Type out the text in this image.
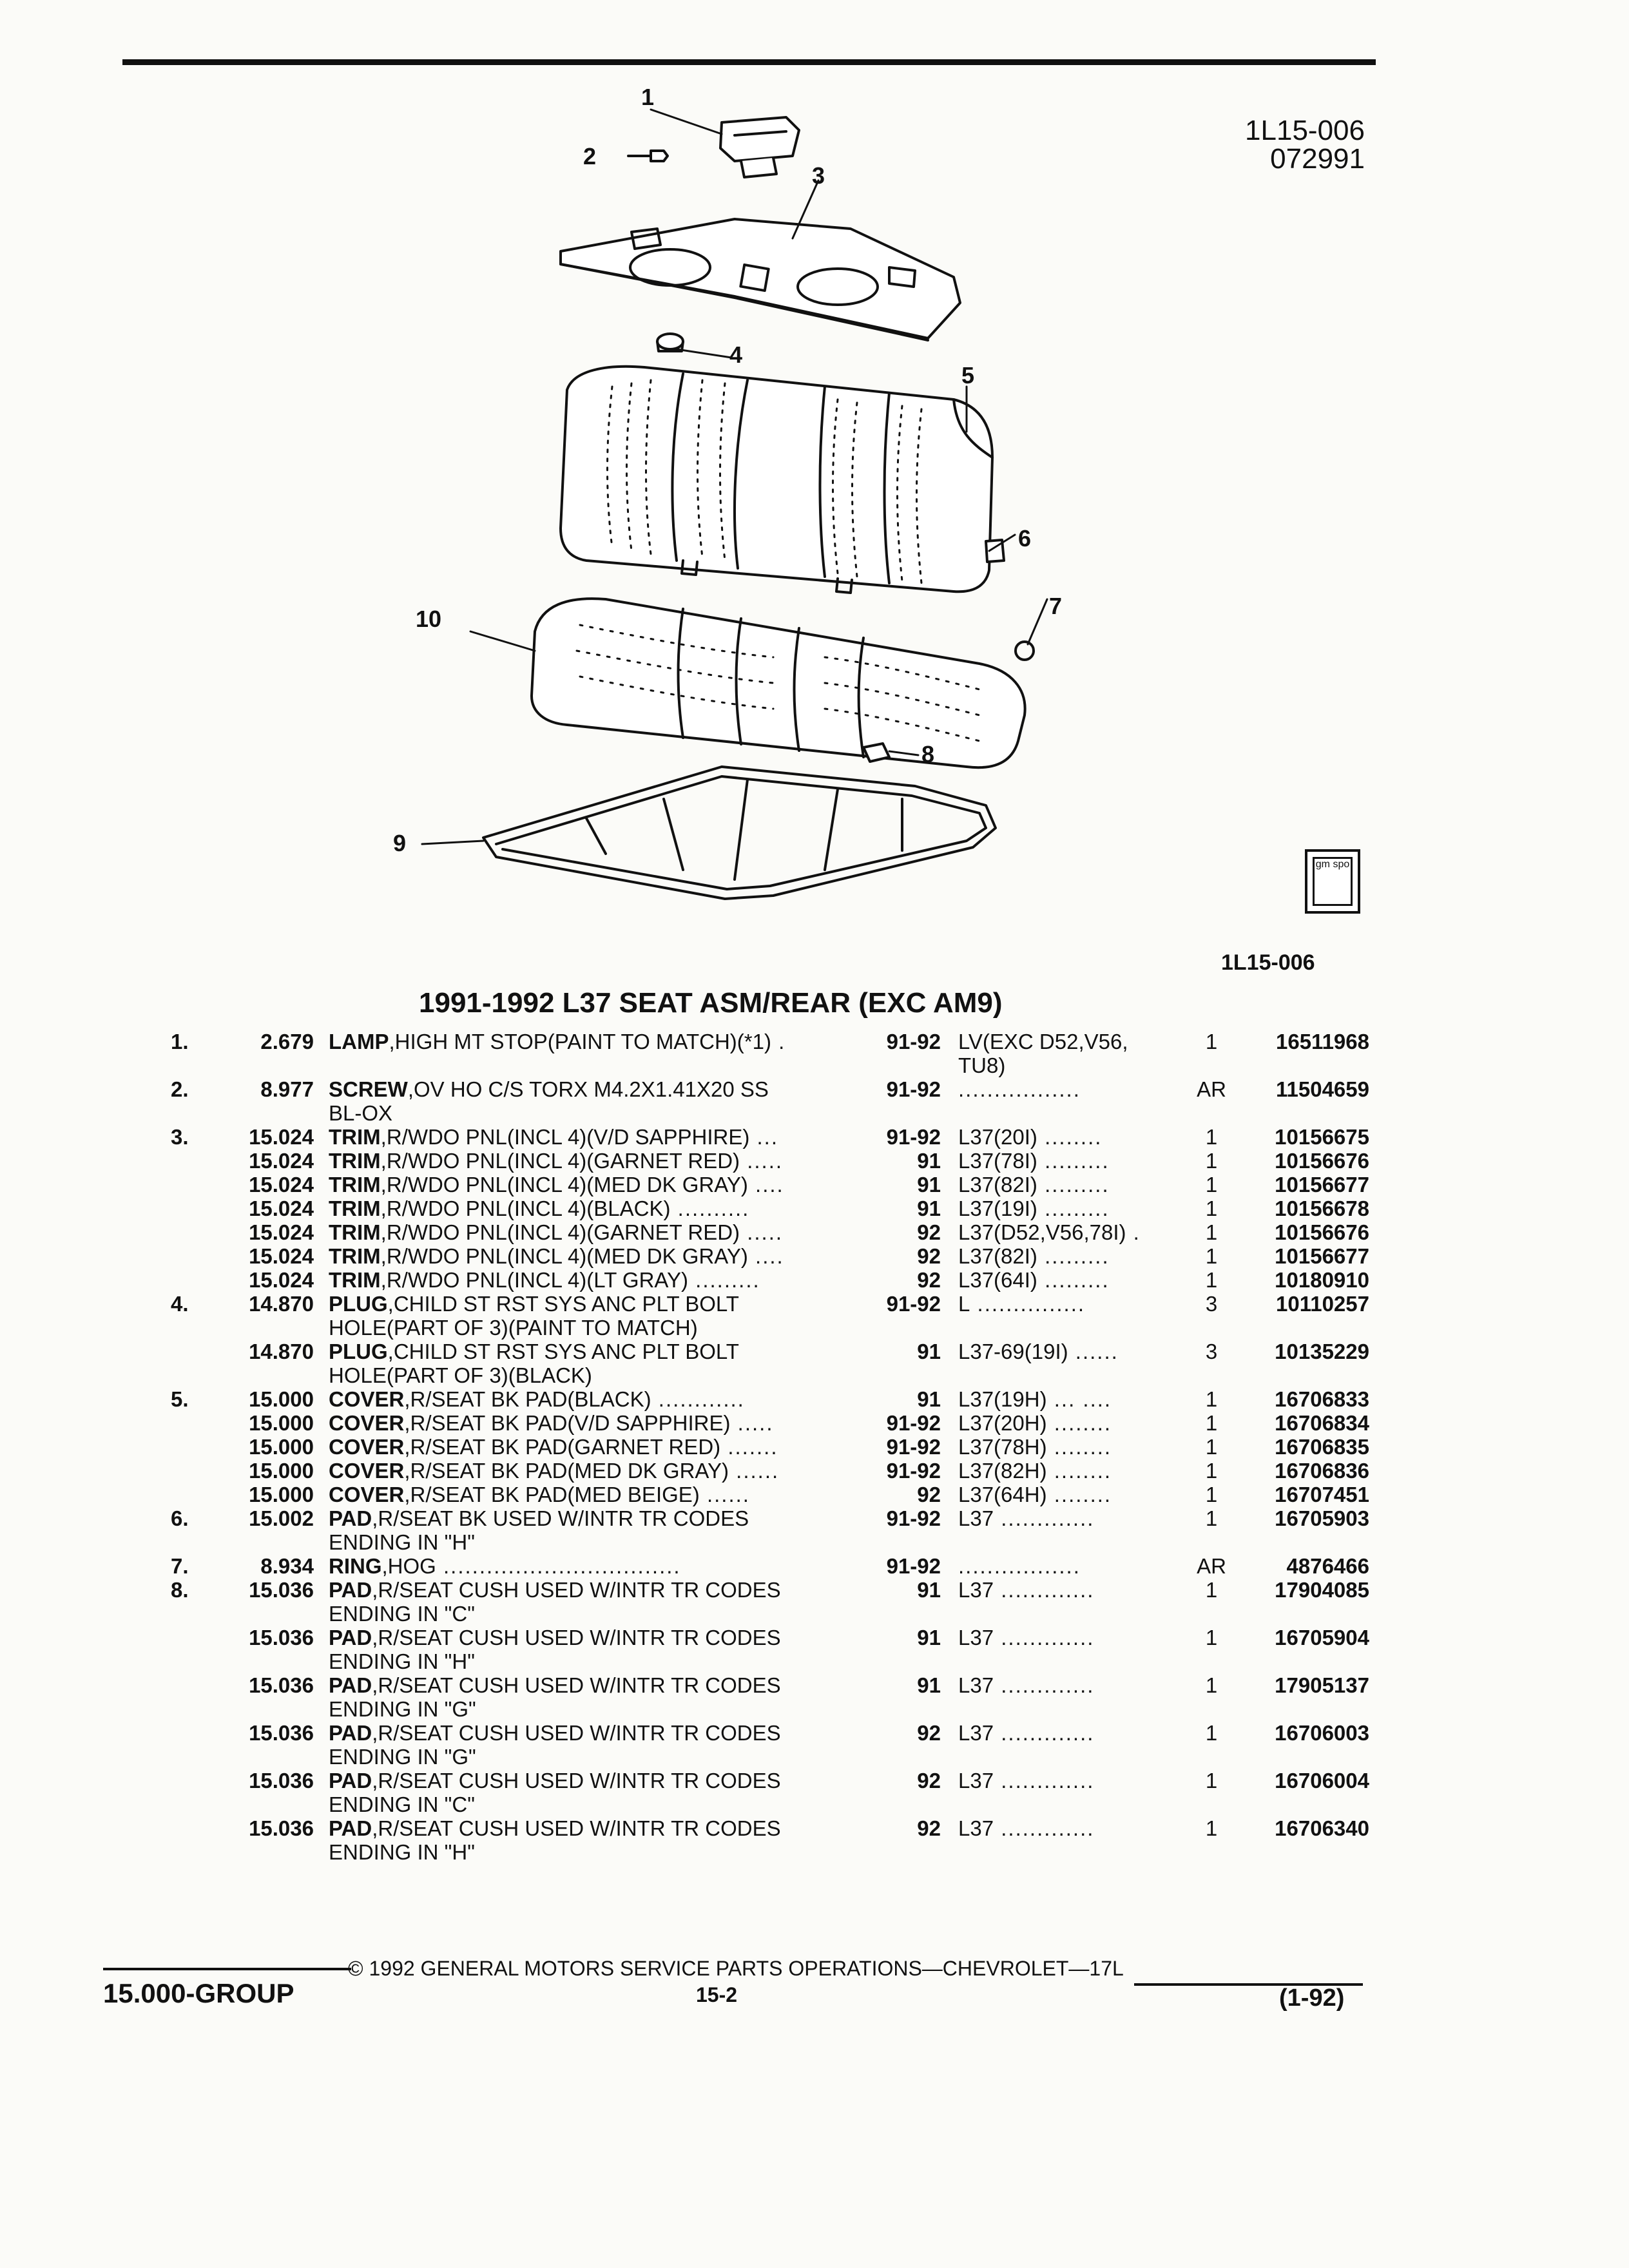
1L15-006
072991
1
2
3
4
5
6
7
8
9
10
gm spo
1L15-006
1991-1992 L37 SEAT ASM/REAR (EXC AM9)
1.	2.679 LAMP,HIGH MT STOP(PAINT TO MATCH)(*1) .	91-92 LV(EXC D52,V56,
TU8)
1	16511968
2.	8.977 SCREW,OV HO C/S TORX M4.2X1.41X20 SS
BL-OX
91-92 .................	AR	11504659
3.	15.024 TRIM,R/WDO PNL(INCL 4)(V/D SAPPHIRE) ...	91-92 L37(20I) ........	1	10156675
15.024 TRIM,R/WDO PNL(INCL 4)(GARNET RED) .....	91 L37(78I) .........	1	10156676
15.024 TRIM,R/WDO PNL(INCL 4)(MED DK GRAY) ....	91 L37(82I) .........	1	10156677
15.024 TRIM,R/WDO PNL(INCL 4)(BLACK) ..........	91 L37(19I) .........	1	10156678
15.024 TRIM,R/WDO PNL(INCL 4)(GARNET RED) .....	92 L37(D52,V56,78I) .	1	10156676
15.024 TRIM,R/WDO PNL(INCL 4)(MED DK GRAY) ....	92 L37(82I) .........	1	10156677
15.024 TRIM,R/WDO PNL(INCL 4)(LT GRAY) .........	92 L37(64I) .........	1	10180910
4.	14.870 PLUG,CHILD ST RST SYS ANC PLT BOLT
HOLE(PART OF 3)(PAINT TO MATCH)
91-92 L ...............	3	10110257
14.870 PLUG,CHILD ST RST SYS ANC PLT BOLT
HOLE(PART OF 3)(BLACK)
91 L37-69(19I) ......	3	10135229
5.	15.000 COVER,R/SEAT BK PAD(BLACK) ............	91 L37(19H) ... ....	1	16706833
15.000 COVER,R/SEAT BK PAD(V/D SAPPHIRE) .....	91-92 L37(20H) ........	1	16706834
15.000 COVER,R/SEAT BK PAD(GARNET RED) .......	91-92 L37(78H) ........	1	16706835
15.000 COVER,R/SEAT BK PAD(MED DK GRAY) ......	91-92 L37(82H) ........	1	16706836
15.000 COVER,R/SEAT BK PAD(MED BEIGE) ......	92 L37(64H) ........	1	16707451
6.	15.002 PAD,R/SEAT BK USED W/INTR TR CODES
ENDING IN "H"
91-92 L37 .............	1	16705903
7.	8.934 RING,HOG .................................	91-92 .................	AR	4876466
8.	15.036 PAD,R/SEAT CUSH USED W/INTR TR CODES
ENDING IN "C"
91 L37 .............	1	17904085
15.036 PAD,R/SEAT CUSH USED W/INTR TR CODES
ENDING IN "H"
91 L37 .............	1	16705904
15.036 PAD,R/SEAT CUSH USED W/INTR TR CODES
ENDING IN "G"
91 L37 .............	1	17905137
15.036 PAD,R/SEAT CUSH USED W/INTR TR CODES
ENDING IN "G"
92 L37 .............	1	16706003
15.036 PAD,R/SEAT CUSH USED W/INTR TR CODES
ENDING IN "C"
92 L37 .............	1	16706004
15.036 PAD,R/SEAT CUSH USED W/INTR TR CODES
ENDING IN "H"
92 L37 .............	1	16706340
© 1992 GENERAL MOTORS SERVICE PARTS OPERATIONS—CHEVROLET—17L
15.000-GROUP	15-2	(1-92)
